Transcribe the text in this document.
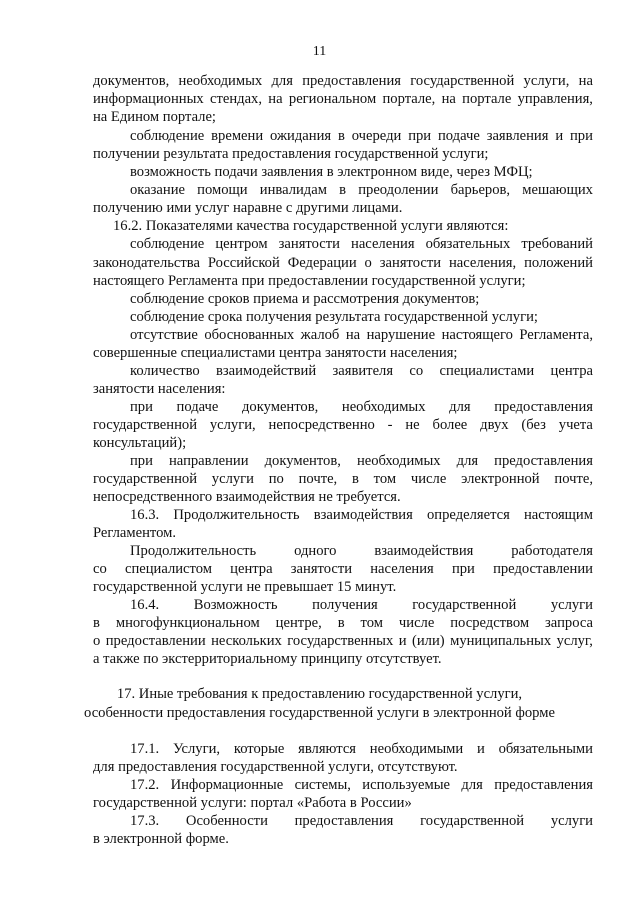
11
документов, необходимых для предоставления государственной услуги, на
информационных стендах, на региональном портале, на портале управления,
на Едином портале;
соблюдение времени ожидания в очереди при подаче заявления и при
получении результата предоставления государственной услуги;
возможность подачи заявления в электронном виде, через МФЦ;
оказание помощи инвалидам в преодолении барьеров, мешающих
получению ими услуг наравне с другими лицами.
16.2. Показателями качества государственной услуги являются:
соблюдение центром занятости населения обязательных требований
законодательства Российской Федерации о занятости населения, положений
настоящего Регламента при предоставлении государственной услуги;
соблюдение сроков приема и рассмотрения документов;
соблюдение срока получения результата государственной услуги;
отсутствие обоснованных жалоб на нарушение настоящего Регламента,
совершенные специалистами центра занятости населения;
количество взаимодействий заявителя со специалистами центра
занятости населения:
при подаче документов, необходимых для предоставления
государственной услуги, непосредственно - не более двух (без учета
консультаций);
при направлении документов, необходимых для предоставления
государственной услуги по почте, в том числе электронной почте,
непосредственного взаимодействия не требуется.
16.3. Продолжительность взаимодействия определяется настоящим
Регламентом.
Продолжительность	одного	взаимодействия	работодателя
со специалистом центра занятости населения при предоставлении
государственной услуги не превышает 15 минут.
16.4. Возможность получения государственной услуги
в многофункциональном центре, в том числе посредством запроса
о предоставлении нескольких государственных и (или) муниципальных услуг,
а также по экстерриториальному принципу отсутствует.
17. Иные требования к предоставлению государственной услуги,
особенности предоставления государственной услуги в электронной форме
17.1. Услуги, которые являются необходимыми и обязательными
для предоставления государственной услуги, отсутствуют.
17.2. Информационные системы, используемые для предоставления
государственной услуги: портал «Работа в России»
17.3. Особенности предоставления государственной услуги
в электронной форме.
